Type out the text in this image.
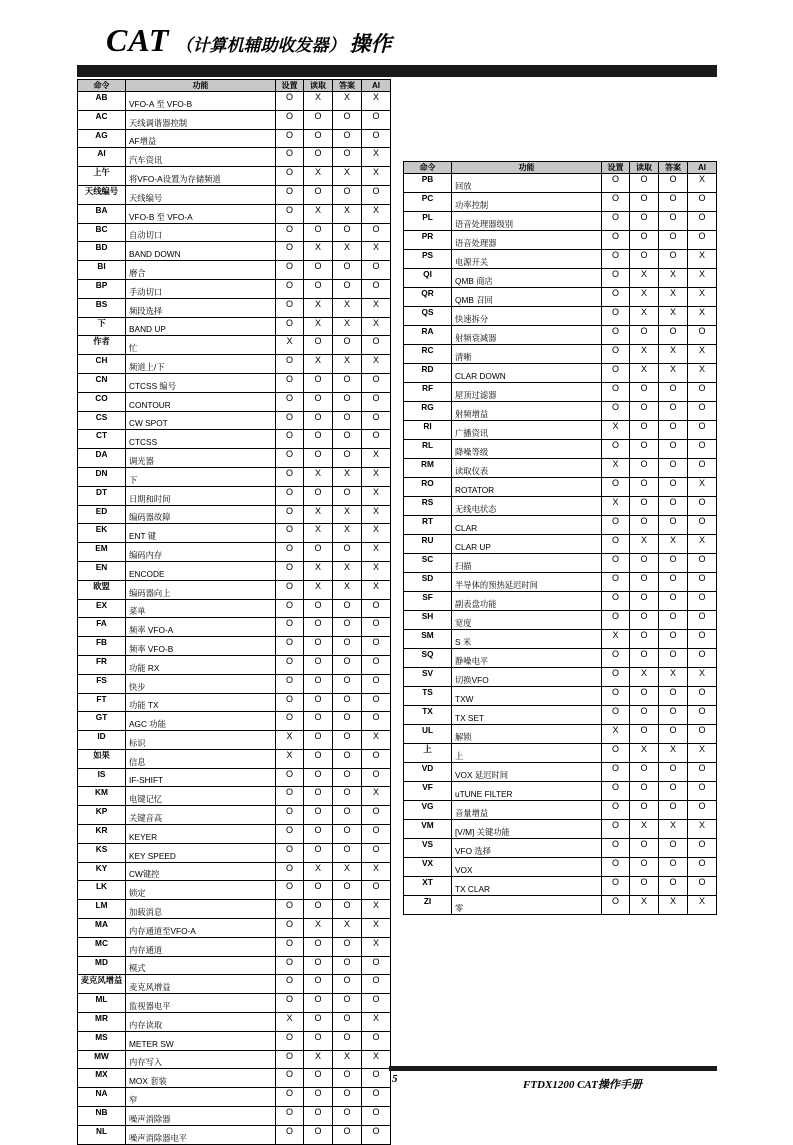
CAT （计算机辅助收发器） 操作
命令	功能	设置	读取	答案	AI
AB	VFO-A 至 VFO-B	O	X	X	X
AC	天线调谐器控制	O	O	O	O
AG	AF增益	O	O	O	O
AI	汽车资讯	O	O	O	X
上午	将VFO-A设置为存储频道	O	X	X	X
天线编号	天线编号	O	O	O	O
BA	VFO-B 至 VFO-A	O	X	X	X
BC	自动切口	O	O	O	O
BD	BAND DOWN	O	X	X	X
BI	磨合	O	O	O	O
BP	手动切口	O	O	O	O
BS	频段选择	O	X	X	X
下	BAND UP	O	X	X	X
作者	忙	X	O	O	O
CH	频道上/下	O	X	X	X
CN	CTCSS 编号	O	O	O	O
CO	CONTOUR	O	O	O	O
CS	CW SPOT	O	O	O	O
CT	CTCSS	O	O	O	O
DA	调光器	O	O	O	X
DN	下	O	X	X	X
DT	日期和时间	O	O	O	X
ED	编码器故障	O	X	X	X
EK	ENT 键	O	X	X	X
EM	编码内存	O	O	O	X
EN	ENCODE	O	X	X	X
欧盟	编码器向上	O	X	X	X
EX	菜单	O	O	O	O
FA	频率 VFO-A	O	O	O	O
FB	频率 VFO-B	O	O	O	O
FR	功能 RX	O	O	O	O
FS	快步	O	O	O	O
FT	功能 TX	O	O	O	O
GT	AGC 功能	O	O	O	O
ID	标识	X	O	O	X
如果	信息	X	O	O	O
IS	IF-SHIFT	O	O	O	O
KM	电键记忆	O	O	O	X
KP	关键音高	O	O	O	O
KR	KEYER	O	O	O	O
KS	KEY SPEED	O	O	O	O
KY	CW键控	O	X	X	X
LK	锁定	O	O	O	O
LM	加载消息	O	O	O	X
MA	内存通道至VFO-A	O	X	X	X
MC	内存通道	O	O	O	X
MD	模式	O	O	O	O
麦克风增益	麦克风增益	O	O	O	O
ML	监视器电平	O	O	O	O
MR	内存读取	X	O	O	X
MS	METER SW	O	O	O	O
MW	内存写入	O	X	X	X
MX	MOX 套装	O	O	O	O
NA	窄	O	O	O	O
NB	噪声消除器	O	O	O	O
NL	噪声消除器电平	O	O	O	O
命令	功能	设置	读取	答案	AI
PB	回放	O	O	O	X
PC	功率控制	O	O	O	O
PL	语音处理器级别	O	O	O	O
PR	语音处理器	O	O	O	O
PS	电源开关	O	O	O	X
QI	QMB 商店	O	X	X	X
QR	QMB 召回	O	X	X	X
QS	快速拆分	O	X	X	X
RA	射频衰减器	O	O	O	O
RC	清晰	O	X	X	X
RD	CLAR DOWN	O	X	X	X
RF	屋顶过滤器	O	O	O	O
RG	射频增益	O	O	O	O
RI	广播资讯	X	O	O	O
RL	降噪等级	O	O	O	O
RM	读取仪表	X	O	O	O
RO	ROTATOR	O	O	O	X
RS	无线电状态	X	O	O	O
RT	CLAR	O	O	O	O
RU	CLAR UP	O	X	X	X
SC	扫描	O	O	O	O
SD	半导体的预热延迟时间	O	O	O	O
SF	副表盘功能	O	O	O	O
SH	宽度	O	O	O	O
SM	S 米	X	O	O	O
SQ	静噪电平	O	O	O	O
SV	切换VFO	O	X	X	X
TS	TXW	O	O	O	O
TX	TX SET	O	O	O	O
UL	解锁	X	O	O	O
上	上	O	X	X	X
VD	VOX 延迟时间	O	O	O	O
VF	uTUNE FILTER	O	O	O	O
VG	音量增益	O	O	O	O
VM	[V/M] 关键功能	O	X	X	X
VS	VFO 选择	O	O	O	O
VX	VOX	O	O	O	O
XT	TX CLAR	O	O	O	O
ZI	零	O	X	X	X
5	FTDX1200 CAT操作手册
